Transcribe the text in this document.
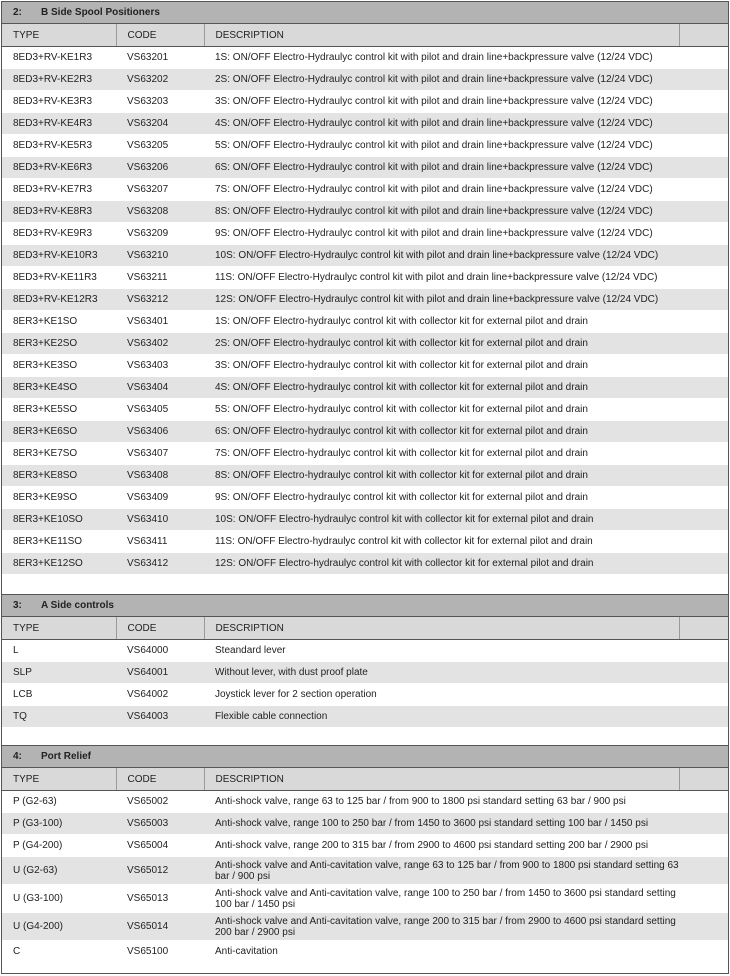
2: B Side Spool Positioners			
TYPE	CODE	DESCRIPTION	
8ED3+RV-KE1R3	VS63201	1S: ON/OFF Electro-Hydraulyc control kit with pilot and drain line+backpressure valve (12/24 VDC)	
8ED3+RV-KE2R3	VS63202	2S: ON/OFF Electro-Hydraulyc control kit with pilot and drain line+backpressure valve (12/24 VDC)	
8ED3+RV-KE3R3	VS63203	3S: ON/OFF Electro-Hydraulyc control kit with pilot and drain line+backpressure valve (12/24 VDC)	
8ED3+RV-KE4R3	VS63204	4S: ON/OFF Electro-Hydraulyc control kit with pilot and drain line+backpressure valve (12/24 VDC)	
8ED3+RV-KE5R3	VS63205	5S: ON/OFF Electro-Hydraulyc control kit with pilot and drain line+backpressure valve (12/24 VDC)	
8ED3+RV-KE6R3	VS63206	6S: ON/OFF Electro-Hydraulyc control kit with pilot and drain line+backpressure valve (12/24 VDC)	
8ED3+RV-KE7R3	VS63207	7S: ON/OFF Electro-Hydraulyc control kit with pilot and drain line+backpressure valve (12/24 VDC)	
8ED3+RV-KE8R3	VS63208	8S: ON/OFF Electro-Hydraulyc control kit with pilot and drain line+backpressure valve (12/24 VDC)	
8ED3+RV-KE9R3	VS63209	9S: ON/OFF Electro-Hydraulyc control kit with pilot and drain line+backpressure valve (12/24 VDC)	
8ED3+RV-KE10R3	VS63210	10S: ON/OFF Electro-Hydraulyc control kit with pilot and drain line+backpressure valve (12/24 VDC)	
8ED3+RV-KE11R3	VS63211	11S: ON/OFF Electro-Hydraulyc control kit with pilot and drain line+backpressure valve (12/24 VDC)	
8ED3+RV-KE12R3	VS63212	12S: ON/OFF Electro-Hydraulyc control kit with pilot and drain line+backpressure valve (12/24 VDC)	
8ER3+KE1SO	VS63401	1S: ON/OFF Electro-hydraulyc control kit with collector kit for external pilot and drain	
8ER3+KE2SO	VS63402	2S: ON/OFF Electro-hydraulyc control kit with collector kit for external pilot and drain	
8ER3+KE3SO	VS63403	3S: ON/OFF Electro-hydraulyc control kit with collector kit for external pilot and drain	
8ER3+KE4SO	VS63404	4S: ON/OFF Electro-hydraulyc control kit with collector kit for external pilot and drain	
8ER3+KE5SO	VS63405	5S: ON/OFF Electro-hydraulyc control kit with collector kit for external pilot and drain	
8ER3+KE6SO	VS63406	6S: ON/OFF Electro-hydraulyc control kit with collector kit for external pilot and drain	
8ER3+KE7SO	VS63407	7S: ON/OFF Electro-hydraulyc control kit with collector kit for external pilot and drain	
8ER3+KE8SO	VS63408	8S: ON/OFF Electro-hydraulyc control kit with collector kit for external pilot and drain	
8ER3+KE9SO	VS63409	9S: ON/OFF Electro-hydraulyc control kit with collector kit for external pilot and drain	
8ER3+KE10SO	VS63410	10S: ON/OFF Electro-hydraulyc control kit with collector kit for external pilot and drain	
8ER3+KE11SO	VS63411	11S: ON/OFF Electro-hydraulyc control kit with collector kit for external pilot and drain	
8ER3+KE12SO	VS63412	12S: ON/OFF Electro-hydraulyc control kit with collector kit for external pilot and drain	
3: A Side controls			
TYPE	CODE	DESCRIPTION	
L	VS64000	Steandard lever	
SLP	VS64001	Without lever, with dust proof plate	
LCB	VS64002	Joystick lever for 2 section operation	
TQ	VS64003	Flexible cable connection	
4: Port Relief			
TYPE	CODE	DESCRIPTION	
P (G2-63)	VS65002	Anti-shock valve, range 63 to 125 bar / from 900 to 1800 psi standard setting 63 bar / 900 psi	
P (G3-100)	VS65003	Anti-shock valve, range 100 to 250 bar / from 1450 to 3600 psi standard setting 100 bar / 1450 psi	
P (G4-200)	VS65004	Anti-shock valve, range 200 to 315 bar / from 2900 to 4600 psi standard setting 200 bar / 2900 psi	
U (G2-63)	VS65012	Anti-shock valve and Anti-cavitation valve, range 63 to 125 bar / from 900 to 1800 psi standard setting 63 bar / 900 psi	
U (G3-100)	VS65013	Anti-shock valve and Anti-cavitation valve, range 100 to 250 bar / from 1450 to 3600 psi standard setting 100 bar / 1450 psi	
U (G4-200)	VS65014	Anti-shock valve and Anti-cavitation valve, range 200 to 315 bar / from 2900 to 4600 psi standard setting 200 bar / 2900 psi	
C	VS65100	Anti-cavitation	
